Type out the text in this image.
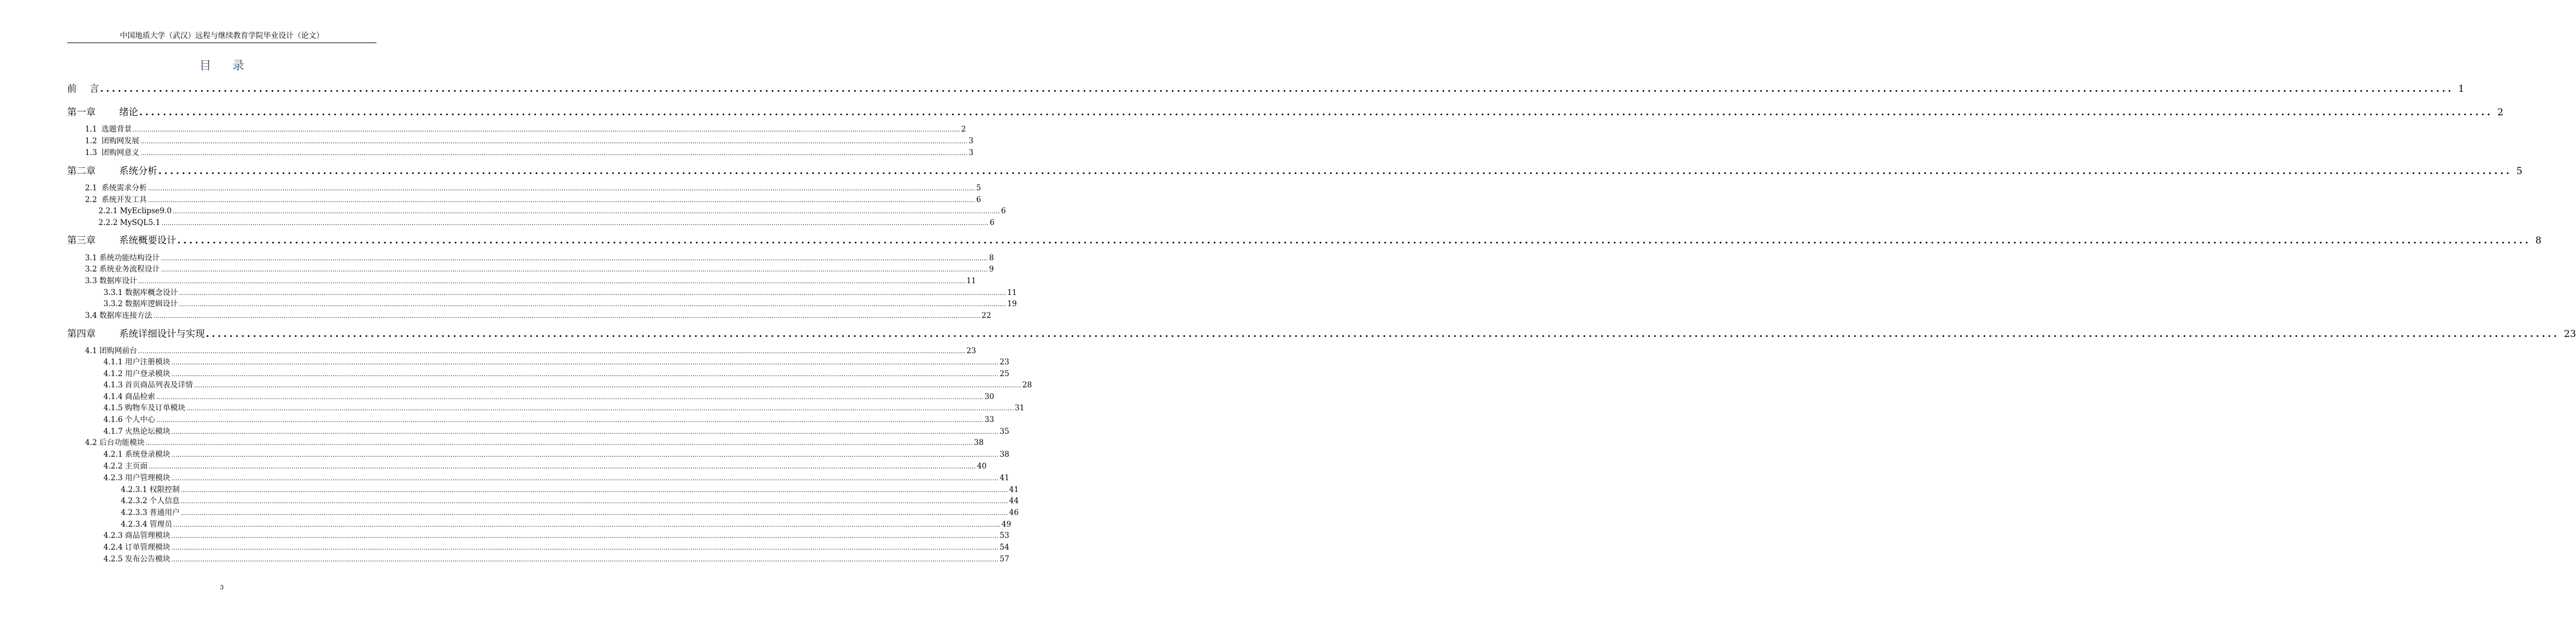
中国地质大学（武汉）远程与继续教育学院毕业设计（论文）
目 录
前	言 ................................................................................................................................................................................................................................................................................................................................................................................................................ 1
第一章	绪论 ................................................................................................................................................................................................................................................................................................................................................................................................................ 2
1.1 选题背景 ................................................................................................................................................................................................................................................................................................................................................................................................................ 2
1.2 团购网发展 ................................................................................................................................................................................................................................................................................................................................................................................................................ 3
1.3 团购网意义 ................................................................................................................................................................................................................................................................................................................................................................................................................ 3
第二章	系统分析 ................................................................................................................................................................................................................................................................................................................................................................................................................ 5
2.1 系统需求分析 ................................................................................................................................................................................................................................................................................................................................................................................................................ 5
2.2 系统开发工具 ................................................................................................................................................................................................................................................................................................................................................................................................................ 6
2.2.1 MyEclipse9.0 ................................................................................................................................................................................................................................................................................................................................................................................................................ 6
2.2.2 MySQL5.1 ................................................................................................................................................................................................................................................................................................................................................................................................................ 6
第三章	系统概要设计 ................................................................................................................................................................................................................................................................................................................................................................................................................ 8
3.1 系统功能结构设计 ................................................................................................................................................................................................................................................................................................................................................................................................................ 8
3.2 系统业务流程设计 ................................................................................................................................................................................................................................................................................................................................................................................................................ 9
3.3 数据库设计 ................................................................................................................................................................................................................................................................................................................................................................................................................ 11
3.3.1 数据库概念设计 ................................................................................................................................................................................................................................................................................................................................................................................................................ 11
3.3.2 数据库逻辑设计 ................................................................................................................................................................................................................................................................................................................................................................................................................ 19
3.4 数据库连接方法 ................................................................................................................................................................................................................................................................................................................................................................................................................ 22
第四章	系统详细设计与实现 ................................................................................................................................................................................................................................................................................................................................................................................................................ 23
4.1 团购网前台 ................................................................................................................................................................................................................................................................................................................................................................................................................ 23
4.1.1 用户注册模块 ................................................................................................................................................................................................................................................................................................................................................................................................................ 23
4.1.2 用户登录模块 ................................................................................................................................................................................................................................................................................................................................................................................................................ 25
4.1.3 首页商品列表及详情 ................................................................................................................................................................................................................................................................................................................................................................................................................ 28
4.1.4 商品检索 ................................................................................................................................................................................................................................................................................................................................................................................................................ 30
4.1.5 购物车及订单模块 ................................................................................................................................................................................................................................................................................................................................................................................................................ 31
4.1.6 个人中心 ................................................................................................................................................................................................................................................................................................................................................................................................................ 33
4.1.7 火热论坛模块 ................................................................................................................................................................................................................................................................................................................................................................................................................ 35
4.2 后台功能模块 ................................................................................................................................................................................................................................................................................................................................................................................................................ 38
4.2.1 系统登录模块 ................................................................................................................................................................................................................................................................................................................................................................................................................ 38
4.2.2 主页面 ................................................................................................................................................................................................................................................................................................................................................................................................................ 40
4.2.3 用户管理模块 ................................................................................................................................................................................................................................................................................................................................................................................................................ 41
4.2.3.1 权限控制 ................................................................................................................................................................................................................................................................................................................................................................................................................ 41
4.2.3.2 个人信息 ................................................................................................................................................................................................................................................................................................................................................................................................................ 44
4.2.3.3 普通用户 ................................................................................................................................................................................................................................................................................................................................................................................................................ 46
4.2.3.4 管理员 ................................................................................................................................................................................................................................................................................................................................................................................................................ 49
4.2.3 商品管理模块 ................................................................................................................................................................................................................................................................................................................................................................................................................ 53
4.2.4 订单管理模块 ................................................................................................................................................................................................................................................................................................................................................................................................................ 54
4.2.5 发布公告模块 ................................................................................................................................................................................................................................................................................................................................................................................................................ 57
3
